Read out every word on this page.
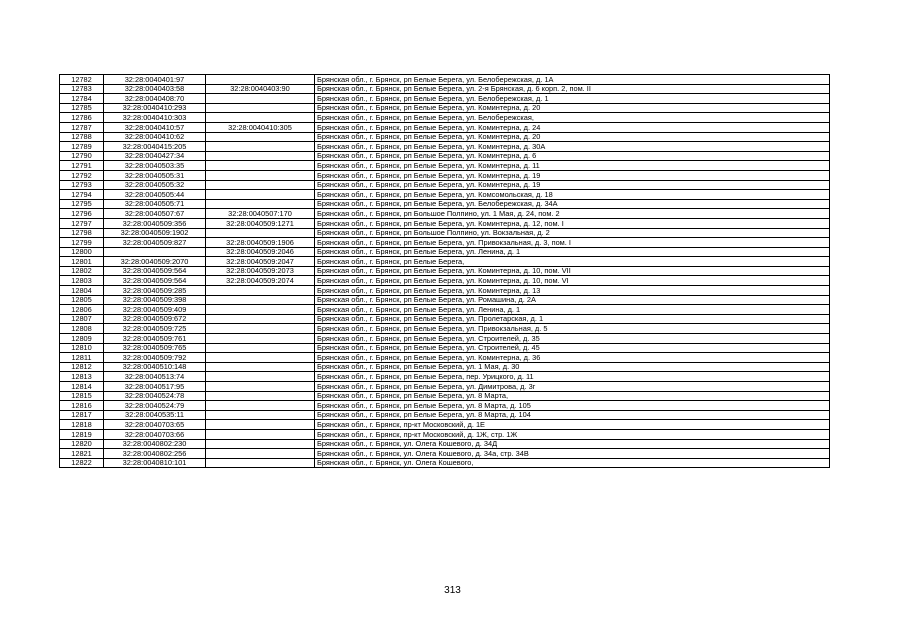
12782	32:28:0040401:97		Брянская обл., г. Брянск, рп Белые Берега, ул. Белобережская, д. 1А
12783	32:28:0040403:58	32:28:0040403:90	Брянская обл., г. Брянск, рп Белые Берега, ул. 2-я Брянская, д. 6 корп. 2, пом. II
12784	32:28:0040408:70		Брянская обл., г. Брянск, рп Белые Берега, ул. Белобережская, д. 1
12785	32:28:0040410:293		Брянская обл., г. Брянск, рп Белые Берега, ул. Коминтерна, д. 20
12786	32:28:0040410:303		Брянская обл., г. Брянск, рп Белые Берега, ул. Белобережская,
12787	32:28:0040410:57	32:28:0040410:305	Брянская обл., г. Брянск, рп Белые Берега, ул. Коминтерна, д. 24
12788	32:28:0040410:62		Брянская обл., г. Брянск, рп Белые Берега, ул. Коминтерна, д. 20
12789	32:28:0040415:205		Брянская обл., г. Брянск, рп Белые Берега, ул. Коминтерна, д. 30А
12790	32:28:0040427:34		Брянская обл., г. Брянск, рп Белые Берега, ул. Коминтерна, д. 6
12791	32:28:0040503:35		Брянская обл., г. Брянск, рп Белые Берега, ул. Коминтерна, д. 11
12792	32:28:0040505:31		Брянская обл., г. Брянск, рп Белые Берега, ул. Коминтерна, д. 19
12793	32:28:0040505:32		Брянская обл., г. Брянск, рп Белые Берега, ул. Коминтерна, д. 19
12794	32:28:0040505:44		Брянская обл., г. Брянск, рп Белые Берега, ул. Комсомольская, д. 18
12795	32:28:0040505:71		Брянская обл., г. Брянск, рп Белые Берега, ул. Белобережская, д. 34А
12796	32:28:0040507:67	32:28:0040507:170	Брянская обл., г. Брянск, рп Большое Полпино, ул. 1 Мая, д. 24, пом. 2
12797	32:28:0040509:356	32:28:0040509:1271	Брянская обл., г. Брянск, рп Белые Берега, ул. Коминтерна, д. 12, пом. I
12798	32:28:0040509:1902		Брянская обл., г. Брянск, рп Большое Полпино, ул. Вокзальная, д. 2
12799	32:28:0040509:827	32:28:0040509:1906	Брянская обл., г. Брянск, рп Белые Берега, ул. Привокзальная, д. 3, пом. I
12800		32:28:0040509:2046	Брянская обл., г. Брянск, рп Белые Берега, ул. Ленина, д. 1
12801	32:28:0040509:2070	32:28:0040509:2047	Брянская обл., г. Брянск, рп Белые Берега,
12802	32:28:0040509:564	32:28:0040509:2073	Брянская обл., г. Брянск, рп Белые Берега, ул. Коминтерна, д. 10, пом. VII
12803	32:28:0040509:564	32:28:0040509:2074	Брянская обл., г. Брянск, рп Белые Берега, ул. Коминтерна, д. 10, пом. VI
12804	32:28:0040509:285		Брянская обл., г. Брянск, рп Белые Берега, ул. Коминтерна, д. 13
12805	32:28:0040509:398		Брянская обл., г. Брянск, рп Белые Берега, ул. Ромашина, д. 2А
12806	32:28:0040509:409		Брянская обл., г. Брянск, рп Белые Берега, ул. Ленина, д. 1
12807	32:28:0040509:672		Брянская обл., г. Брянск, рп Белые Берега, ул. Пролетарская, д. 1
12808	32:28:0040509:725		Брянская обл., г. Брянск, рп Белые Берега, ул. Привокзальная, д. 5
12809	32:28:0040509:761		Брянская обл., г. Брянск, рп Белые Берега, ул. Строителей, д. 35
12810	32:28:0040509:765		Брянская обл., г. Брянск, рп Белые Берега, ул. Строителей, д. 45
12811	32:28:0040509:792		Брянская обл., г. Брянск, рп Белые Берега, ул. Коминтерна, д. 36
12812	32:28:0040510:148		Брянская обл., г. Брянск, рп Белые Берега, ул. 1 Мая, д. 30
12813	32:28:0040513:74		Брянская обл., г. Брянск, рп Белые Берега, пер. Урицкого, д. 11
12814	32:28:0040517:95		Брянская обл., г. Брянск, рп Белые Берега, ул. Димитрова, д. 3г
12815	32:28:0040524:78		Брянская обл., г. Брянск, рп Белые Берега, ул. 8 Марта,
12816	32:28:0040524:79		Брянская обл., г. Брянск, рп Белые Берега, ул. 8 Марта, д. 105
12817	32:28:0040535:11		Брянская обл., г. Брянск, рп Белые Берега, ул. 8 Марта, д. 104
12818	32:28:0040703:65		Брянская обл., г. Брянск, пр-кт Московский, д. 1Е
12819	32:28:0040703:66		Брянская обл., г. Брянск, пр-кт Московский, д. 1Ж, стр. 1Ж
12820	32:28:0040802:230		Брянская обл., г. Брянск, ул. Олега Кошевого, д. 34Д
12821	32:28:0040802:256		Брянская обл., г. Брянск, ул. Олега Кошевого, д. 34а, стр. 34В
12822	32:28:0040810:101		Брянская обл., г. Брянск, ул. Олега Кошевого,
313
